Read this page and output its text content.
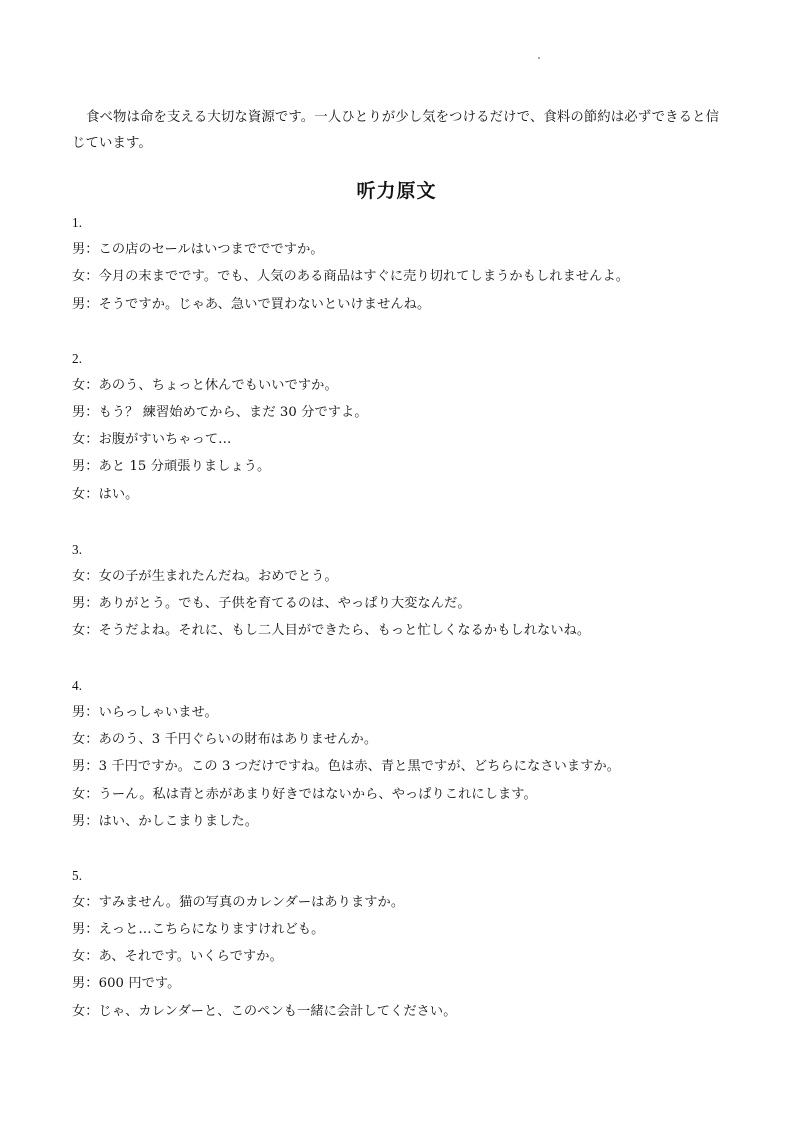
食べ物は命を支える大切な資源です。一人ひとりが少し気をつけるだけで、食料の節約は必ずできると信じています。

听力原文
1.
男：この店のセールはいつまででですか。
女：今月の末までです。でも、人気のある商品はすぐに売り切れてしまうかもしれませんよ。
男：そうですか。じゃあ、急いで買わないといけませんね。
2.
女：あのう、ちょっと休んでもいいですか。
男：もう？ 練習始めてから、まだ 30 分ですよ。
女：お腹がすいちゃって…
男：あと 15 分頑張りましょう。
女：はい。
3.
女：女の子が生まれたんだね。おめでとう。
男：ありがとう。でも、子供を育てるのは、やっぱり大変なんだ。
女：そうだよね。それに、もし二人目ができたら、もっと忙しくなるかもしれないね。
4.
男：いらっしゃいませ。
女：あのう、3 千円ぐらいの財布はありませんか。
男：3 千円ですか。この 3 つだけですね。色は赤、青と黒ですが、どちらになさいますか。
女：うーん。私は青と赤があまり好きではないから、やっぱりこれにします。
男：はい、かしこまりました。
5.
女：すみません。猫の写真のカレンダーはありますか。
男：えっと…こちらになりますけれども。
女：あ、それです。いくらですか。
男：600 円です。
女：じゃ、カレンダーと、このペンも一緒に会計してください。
